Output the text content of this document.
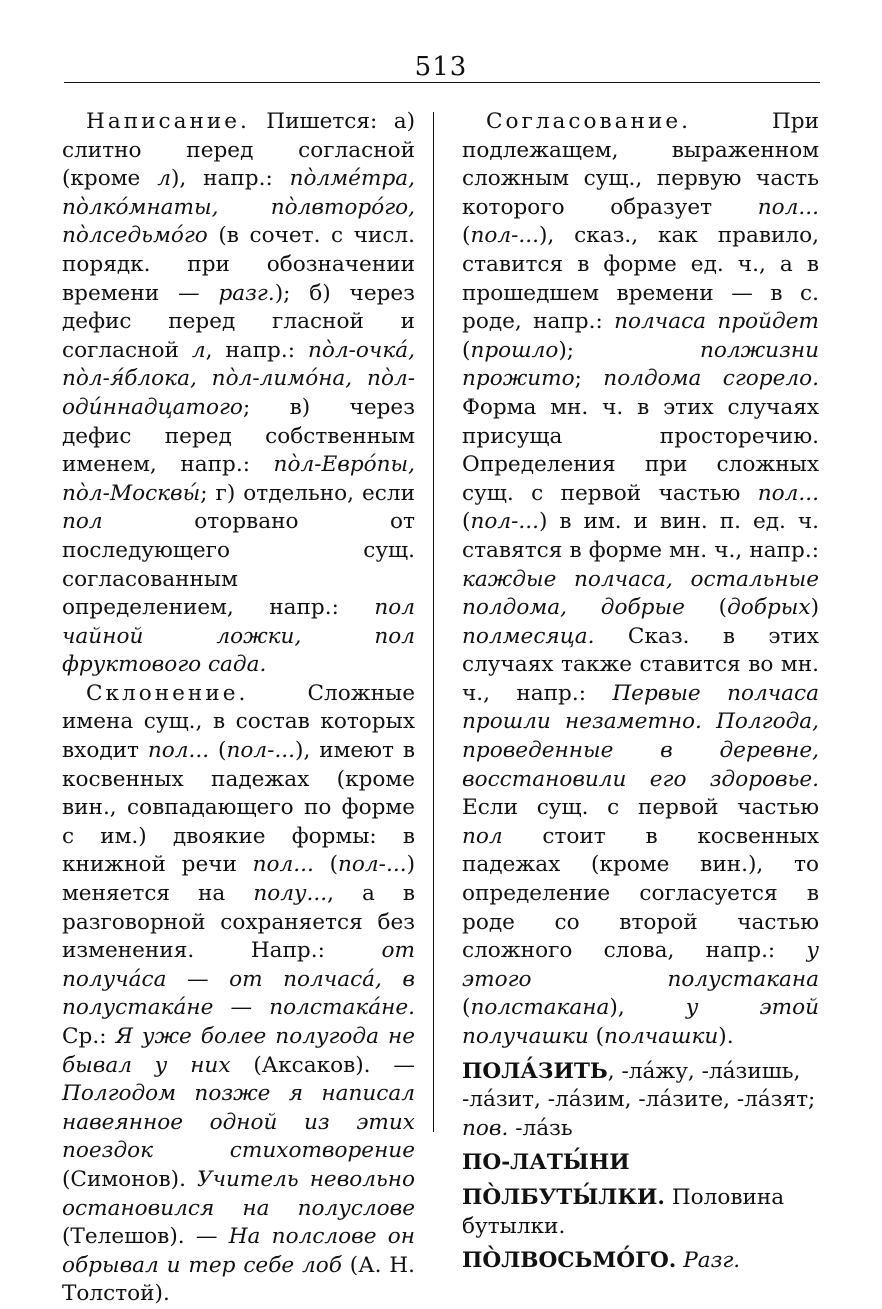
513

Написание. Пишется: а) слитно перед согласной (кроме л), напр.: по̀лме́тра, по̀лко́мнаты, по̀лвторо́го, по̀лседьмо́го (в сочет. с числ. порядк. при обозначении времени — разг.); б) через дефис перед гласной и согласной л, напр.: по̀л-очка́, по̀л-я́блока, по̀л-лимо́на, по̀л-оди́ннадцатого; в) через дефис перед собственным именем, напр.: по̀л-Евро́пы, по̀л-Москвы́; г) отдельно, если пол оторвано от последующего сущ. согласованным определением, напр.: пол чайной ложки, пол фруктового сада.

Склонение. Сложные имена сущ., в состав которых входит пол... (пол-...), имеют в косвенных падежах (кроме вин., совпадающего по форме с им.) двоякие формы: в книжной речи пол... (пол-...) меняется на полу..., а в разговорной сохраняется без изменения. Напр.: от получа́са — от полчаса́, в полустака́не — полстака́не. Ср.: Я уже более полугода не бывал у них (Аксаков). — Полгодом позже я написал навеянное одной из этих поездок стихотворение (Симонов). Учитель невольно остановился на полуслове (Телешов). — На полслове он обрывал и тер себе лоб (А. Н. Толстой).

Согласование. При подлежащем, выраженном сложным сущ., первую часть которого образует пол... (пол-...), сказ., как правило, ставится в форме ед. ч., а в прошедшем времени — в с. роде, напр.: полчаса пройдет (прошло); полжизни прожито; полдома сгорело. Форма мн. ч. в этих случаях присуща просторечию. Определения при сложных сущ. с первой частью пол... (пол-...) в им. и вин. п. ед. ч. ставятся в форме мн. ч., напр.: каждые полчаса, остальные полдома, добрые (добрых) полмесяца. Сказ. в этих случаях также ставится во мн. ч., напр.: Первые полчаса прошли незаметно. Полгода, проведенные в деревне, восстановили его здоровье. Если сущ. с первой частью пол стоит в косвенных падежах (кроме вин.), то определение согласуется в роде со второй частью сложного слова, напр.: у этого полустакана (полстакана), у этой получашки (полчашки).

ПОЛА́ЗИТЬ, -ла́жу, -ла́зишь, -ла́зит, -ла́зим, -ла́зите, -ла́зят; пов. -ла́зь

ПО-ЛАТЫ́НИ

ПО̀ЛБУТЫ́ЛКИ. Половина бутылки.

ПО̀ЛВОСЬМО́ГО. Разг.
